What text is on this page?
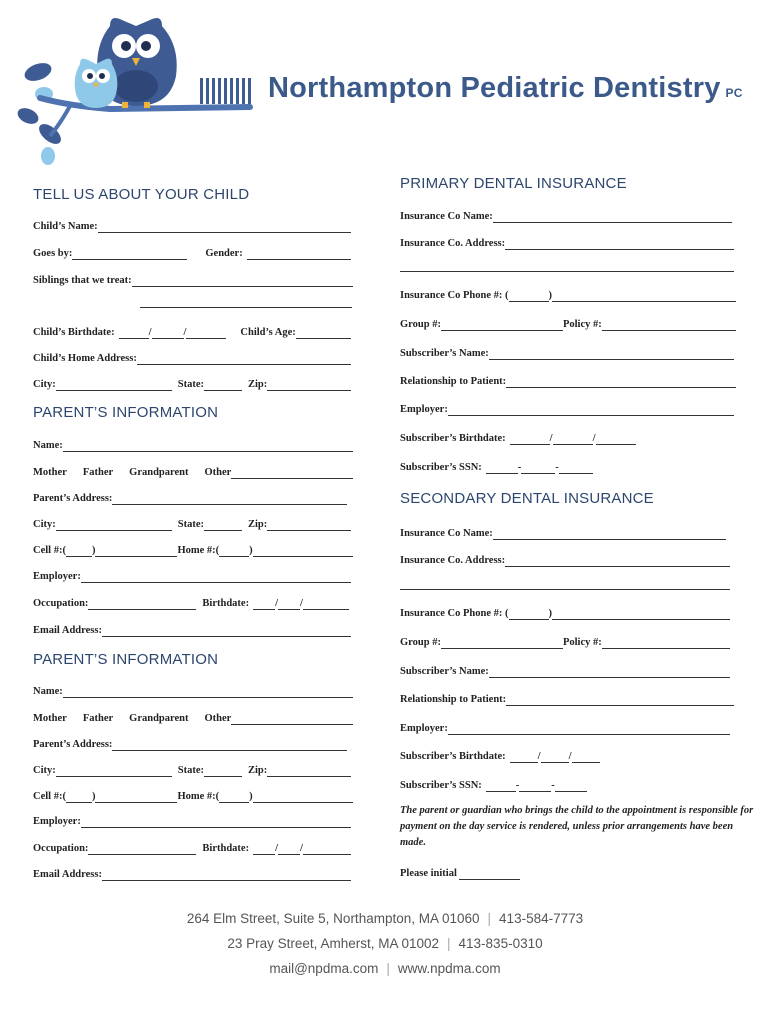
Northampton Pediatric Dentistry PC
TELL US ABOUT YOUR CHILD
Child’s Name:
Goes by:	Gender:
Siblings that we treat:
Child’s Birthdate:	/	/	Child’s Age:
Child’s Home Address:
City:	State:	Zip:
PARENT’S INFORMATION
Name:
Mother Father Grandparent Other
Parent’s Address:
City:	State:	Zip:
Cell #:( )	Home #:(	)
Employer:
Occupation:	Birthdate: / /
Email Address:
PARENT’S INFORMATION
Name:
Mother Father Grandparent Other
Parent’s Address:
City:	State:	Zip:
Cell #:( )	Home #:(	)
Employer:
Occupation:	Birthdate: / /
Email Address:
PRIMARY DENTAL INSURANCE
Insurance Co Name:
Insurance Co. Address:
Insurance Co Phone #: (	)
Group #:	Policy #:
Subscriber’s Name:
Relationship to Patient:
Employer:
Subscriber’s Birthdate:	/	/
Subscriber’s SSN:	-	-
SECONDARY DENTAL INSURANCE
Insurance Co Name:
Insurance Co. Address:
Insurance Co Phone #: (	)
Group #:	Policy #:
Subscriber’s Name:
Relationship to Patient:
Employer:
Subscriber’s Birthdate:	/	/
Subscriber’s SSN:	-	-
The parent or guardian who brings the child to the appointment is responsible for payment on the day service is rendered, unless prior arrangements have been made.
Please initial
264 Elm Street, Suite 5, Northampton, MA 01060 | 413-584-7773
23 Pray Street, Amherst, MA 01002 | 413-835-0310
mail@npdma.com | www.npdma.com
